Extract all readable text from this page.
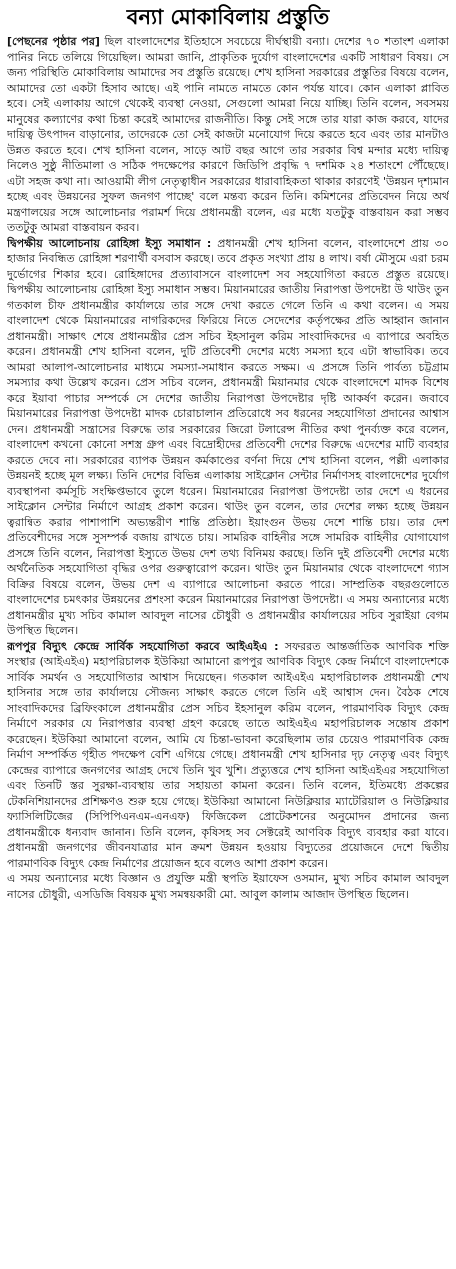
বন্যা মোকাবিলায় প্রস্তুতি

[পেছনের পৃষ্ঠার পর] ছিল বাংলাদেশের ইতিহাসে সবচেয়ে দীর্ঘস্থায়ী বন্যা। দেশের ৭০ শতাংশ এলাকা পানির নিচে তলিয়ে গিয়েছিল। আমরা জানি, প্রাকৃতিক দুর্যোগ বাংলাদেশের একটি সাধারণ বিষয়। সে জন্য পরিস্থিতি মোকাবিলায় আমাদের সব প্রস্তুতি রয়েছে। শেখ হাসিনা সরকারের প্রস্তুতির বিষয়ে বলেন, আমাদের তো একটা হিসাব আছে। এই পানি নামতে নামতে কোন পর্যন্ত যাবে। কোন এলাকা প্লাবিত হবে। সেই এলাকায় আগে থেকেই ব্যবস্থা নেওয়া, সেগুলো আমরা নিয়ে যাচ্ছি। তিনি বলেন, সবসময় মানুষের কল্যাণের কথা চিন্তা করেই আমাদের রাজনীতি। কিন্তু সেই সঙ্গে তার যারা কাজ করবে, যাদের দায়িত্ব উৎপাদন বাড়ানোর, তাদেরকে তো সেই কাজটা মনোযোগ দিয়ে করতে হবে এবং তার মানটাও উন্নত করতে হবে। শেখ হাসিনা বলেন, সাড়ে আট বছর আগে তার সরকার বিশ্ব মন্দার মধ্যে দায়িত্ব নিলেও সুষ্ঠু নীতিমালা ও সঠিক পদক্ষেপের কারণে জিডিপি প্রবৃদ্ধি ৭ দশমিক ২৪ শতাংশে পৌঁছেছে। এটা সহজ কথা না। আওয়ামী লীগ নেতৃত্বাধীন সরকারের ধারাবাহিকতা থাকার কারণেই 'উন্নয়ন দৃশ্যমান হচ্ছে এবং উন্নয়নের সুফল জনগণ পাচ্ছে' বলে মন্তব্য করেন তিনি। কমিশনের প্রতিবেদন নিয়ে অর্থ মন্ত্রণালয়ের সঙ্গে আলোচনার পরামর্শ দিয়ে প্রধানমন্ত্রী বলেন, এর মধ্যে যতটুকু বাস্তবায়ন করা সম্ভব ততটুকু আমরা বাস্তবায়ন করব।

দ্বিপক্ষীয় আলোচনায় রোহিঙ্গা ইস্যু সমাধান : প্রধানমন্ত্রী শেখ হাসিনা বলেন, বাংলাদেশে প্রায় ৩০ হাজার নিবন্ধিত রোহিঙ্গা শরণার্থী বসবাস করছে। তবে প্রকৃত সংখ্যা প্রায় ৪ লাখ। বর্ষা মৌসুমে এরা চরম দুর্ভোগের শিকার হবে। রোহিঙ্গাদের প্রত্যাবাসনে বাংলাদেশ সব সহযোগিতা করতে প্রস্তুত রয়েছে। দ্বিপক্ষীয় আলোচনায় রোহিঙ্গা ইস্যু সমাধান সম্ভব। মিয়ানমারের জাতীয় নিরাপত্তা উপদেষ্টা উ থাউং তুন গতকাল চীফ প্রধানমন্ত্রীর কার্যালয়ে তার সঙ্গে দেখা করতে গেলে তিনি এ কথা বলেন। এ সময় বাংলাদেশ থেকে মিয়ানমারের নাগরিকদের ফিরিয়ে নিতে সেদেশের কর্তৃপক্ষের প্রতি আহ্বান জানান প্রধানমন্ত্রী। সাক্ষাৎ শেষে প্রধানমন্ত্রীর প্রেস সচিব ইহসানুল করিম সাংবাদিকদের এ ব্যাপারে অবহিত করেন। প্রধানমন্ত্রী শেখ হাসিনা বলেন, দুটি প্রতিবেশী দেশের মধ্যে সমস্যা হবে এটা স্বাভাবিক। তবে আমরা আলাপ-আলোচনার মাধ্যমে সমস্যা-সমাধান করতে সক্ষম। এ প্রসঙ্গে তিনি পার্বত্য চট্টগ্রাম সমস্যার কথা উল্লেখ করেন। প্রেস সচিব বলেন, প্রধানমন্ত্রী মিয়ানমার থেকে বাংলাদেশে মাদক বিশেষ করে ইয়াবা পাচার সম্পর্কে সে দেশের জাতীয় নিরাপত্তা উপদেষ্টার দৃষ্টি আকর্ষণ করেন। জবাবে মিয়ানমারের নিরাপত্তা উপদেষ্টা মাদক চোরাচালান প্রতিরোধে সব ধরনের সহযোগিতা প্রদানের আশ্বাস দেন। প্রধানমন্ত্রী সন্ত্রাসের বিরুদ্ধে তার সরকারের জিরো টলারেন্স নীতির কথা পুনর্ব্যক্ত করে বলেন, বাংলাদেশ কখনো কোনো সশস্ত্র গ্রুপ এবং বিদ্রোহীদের প্রতিবেশী দেশের বিরুদ্ধে এদেশের মাটি ব্যবহার করতে দেবে না। সরকারের ব্যাপক উন্নয়ন কর্মকাণ্ডের বর্ণনা দিয়ে শেখ হাসিনা বলেন, পল্লী এলাকার উন্নয়নই হচ্ছে মূল লক্ষ্য। তিনি দেশের বিভিন্ন এলাকায় সাইক্লোন সেন্টার নির্মাণসহ বাংলাদেশের দুর্যোগ ব্যবস্থাপনা কর্মসূচি সংক্ষিপ্তভাবে তুলে ধরেন। মিয়ানমারের নিরাপত্তা উপদেষ্টা তার দেশে এ ধরনের সাইক্লোন সেন্টার নির্মাণে আগ্রহ প্রকাশ করেন। থাউং তুন বলেন, তার দেশের লক্ষ্য হচ্ছে উন্নয়ন ত্বরান্বিত করার পাশাপাশি অভ্যন্তরীণ শান্তি প্রতিষ্ঠা। ইয়াংগুন উভয় দেশে শান্তি চায়। তার দেশ প্রতিবেশীদের সঙ্গে সুসম্পর্ক বজায় রাখতে চায়। সামরিক বাহিনীর সঙ্গে সামরিক বাহিনীর যোগাযোগ প্রসঙ্গে তিনি বলেন, নিরাপত্তা ইস্যুতে উভয় দেশ তথ্য বিনিময় করছে। তিনি দুই প্রতিবেশী দেশের মধ্যে অর্থনৈতিক সহযোগিতা বৃদ্ধির ওপর গুরুত্বারোপ করেন। থাউং তুন মিয়ানমার থেকে বাংলাদেশে গ্যাস বিক্রির বিষয়ে বলেন, উভয় দেশ এ ব্যাপারে আলোচনা করতে পারে। সাম্প্রতিক বছরগুলোতে বাংলাদেশের চমৎকার উন্নয়নের প্রশংসা করেন মিয়ানমারের নিরাপত্তা উপদেষ্টা। এ সময় অন্যান্যের মধ্যে প্রধানমন্ত্রীর মুখ্য সচিব কামাল আবদুল নাসের চৌধুরী ও প্রধানমন্ত্রীর কার্যালয়ের সচিব সুরাইয়া বেগম উপস্থিত ছিলেন।

রূপপুর বিদ্যুৎ কেন্দ্রে সার্বিক সহযোগিতা করবে আইএইএ : সফররত আন্তর্জাতিক আণবিক শক্তি সংস্থার (আইএইএ) মহাপরিচালক ইউকিয়া আমানো রূপপুর আণবিক বিদ্যুৎ কেন্দ্র নির্মাণে বাংলাদেশকে সার্বিক সমর্থন ও সহযোগিতার আশ্বাস দিয়েছেন। গতকাল আইএইএ মহাপরিচালক প্রধানমন্ত্রী শেখ হাসিনার সঙ্গে তার কার্যালয়ে সৌজন্য সাক্ষাৎ করতে গেলে তিনি এই আশ্বাস দেন। বৈঠক শেষে সাংবাদিকদের ব্রিফিংকালে প্রধানমন্ত্রীর প্রেস সচিব ইহসানুল করিম বলেন, পারমাণবিক বিদ্যুৎ কেন্দ্র নির্মাণে সরকার যে নিরাপত্তার ব্যবস্থা গ্রহণ করেছে তাতে আইএইএ মহাপরিচালক সন্তোষ প্রকাশ করেছেন। ইউকিয়া আমানো বলেন, আমি যে চিন্তা-ভাবনা করেছিলাম তার চেয়েও পারমাণবিক কেন্দ্র নির্মাণ সম্পর্কিত গৃহীত পদক্ষেপ বেশি এগিয়ে গেছে। প্রধানমন্ত্রী শেখ হাসিনার দৃঢ় নেতৃত্ব এবং বিদ্যুৎ কেন্দ্রের ব্যাপারে জনগণের আগ্রহ দেখে তিনি খুব খুশি। প্রত্যুত্তরে শেখ হাসিনা আইএইএর সহযোগিতা এবং তিনটি স্তর সুরক্ষা-ব্যবস্থায় তার সহায়তা কামনা করেন। তিনি বলেন, ইতিমধ্যে প্রকল্পের টেকনিশিয়ানদের প্রশিক্ষণও শুরু হয়ে গেছে। ইউকিয়া আমানো নিউক্লিয়ার ম্যাটেরিয়াল ও নিউক্লিয়ার ফ্যাসিলিটিজের (সিপিপিএনএম-এনএফ) ফিজিকেল প্রোটেকশনের অনুমোদন প্রদানের জন্য প্রধানমন্ত্রীকে ধন্যবাদ জানান। তিনি বলেন, কৃষিসহ সব সেক্টরেই আণবিক বিদ্যুৎ ব্যবহার করা যাবে। প্রধানমন্ত্রী জনগণের জীবনযাত্রার মান ক্রমশ উন্নয়ন হওয়ায় বিদ্যুতের প্রয়োজনে দেশে দ্বিতীয় পারমাণবিক বিদ্যুৎ কেন্দ্র নির্মাণের প্রয়োজন হবে বলেও আশা প্রকাশ করেন।

এ সময় অন্যান্যের মধ্যে বিজ্ঞান ও প্রযুক্তি মন্ত্রী স্থপতি ইয়াফেস ওসমান, মুখ্য সচিব কামাল আবদুল নাসের চৌধুরী, এসডিজি বিষয়ক মুখ্য সমন্বয়কারী মো. আবুল কালাম আজাদ উপস্থিত ছিলেন।
